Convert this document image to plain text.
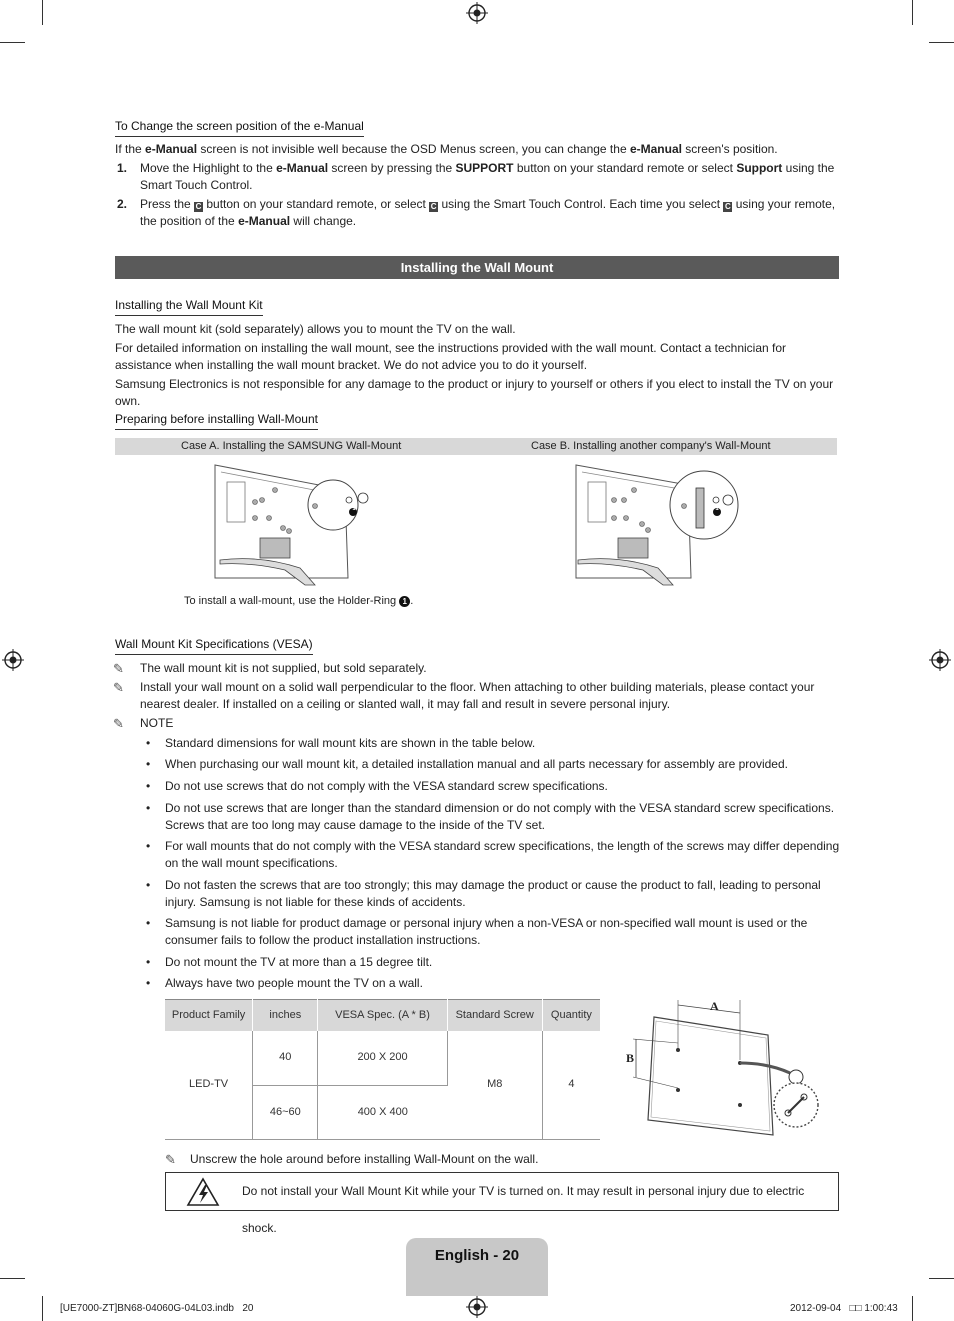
To Change the screen position of the e-Manual
If the e-Manual screen is not invisible well because the OSD Menus screen, you can change the e-Manual screen's position.
1. Move the Highlight to the e-Manual screen by pressing the SUPPORT button on your standard remote or select Support using the Smart Touch Control.
2. Press the C button on your standard remote, or select C using the Smart Touch Control. Each time you select C using your remote, the position of the e-Manual will change.
Installing the Wall Mount
Installing the Wall Mount Kit
The wall mount kit (sold separately) allows you to mount the TV on the wall.
For detailed information on installing the wall mount, see the instructions provided with the wall mount. Contact a technician for assistance when installing the wall mount bracket. We do not advice you to do it yourself.
Samsung Electronics is not responsible for any damage to the product or injury to yourself or others if you elect to install the TV on your own.
Preparing before installing Wall-Mount
Case A. Installing the SAMSUNG Wall-Mount	Case B. Installing another company's Wall-Mount
1	1
To install a wall-mount, use the Holder-Ring 1 .
Wall Mount Kit Specifications (VESA)
✎ The wall mount kit is not supplied, but sold separately.
✎ Install your wall mount on a solid wall perpendicular to the floor. When attaching to other building materials, please contact your nearest dealer. If installed on a ceiling or slanted wall, it may fall and result in severe personal injury.
✎ NOTE
• Standard dimensions for wall mount kits are shown in the table below.
• When purchasing our wall mount kit, a detailed installation manual and all parts necessary for assembly are provided.
• Do not use screws that do not comply with the VESA standard screw specifications.
• Do not use screws that are longer than the standard dimension or do not comply with the VESA standard screw specifications. Screws that are too long may cause damage to the inside of the TV set.
• For wall mounts that do not comply with the VESA standard screw specifications, the length of the screws may differ depending on the wall mount specifications.
• Do not fasten the screws that are too strongly; this may damage the product or cause the product to fall, leading to personal injury. Samsung is not liable for these kinds of accidents.
• Samsung is not liable for product damage or personal injury when a non-VESA or non-specified wall mount is used or the consumer fails to follow the product installation instructions.
• Do not mount the TV at more than a 15 degree tilt.
• Always have two people mount the TV on a wall.
Product Family	inches	VESA Spec. (A * B)	Standard Screw	Quantity
LED-TV	40	200 X 200	M8	4
	46~60	400 X 400		
A
B
✎ Unscrew the hole around before installing Wall-Mount on the wall.
Do not install your Wall Mount Kit while your TV is turned on. It may result in personal injury due to electric shock.
English - 20
[UE7000-ZT]BN68-04060G-04L03.indb   20	2012-09-04   □□ 1:00:43
